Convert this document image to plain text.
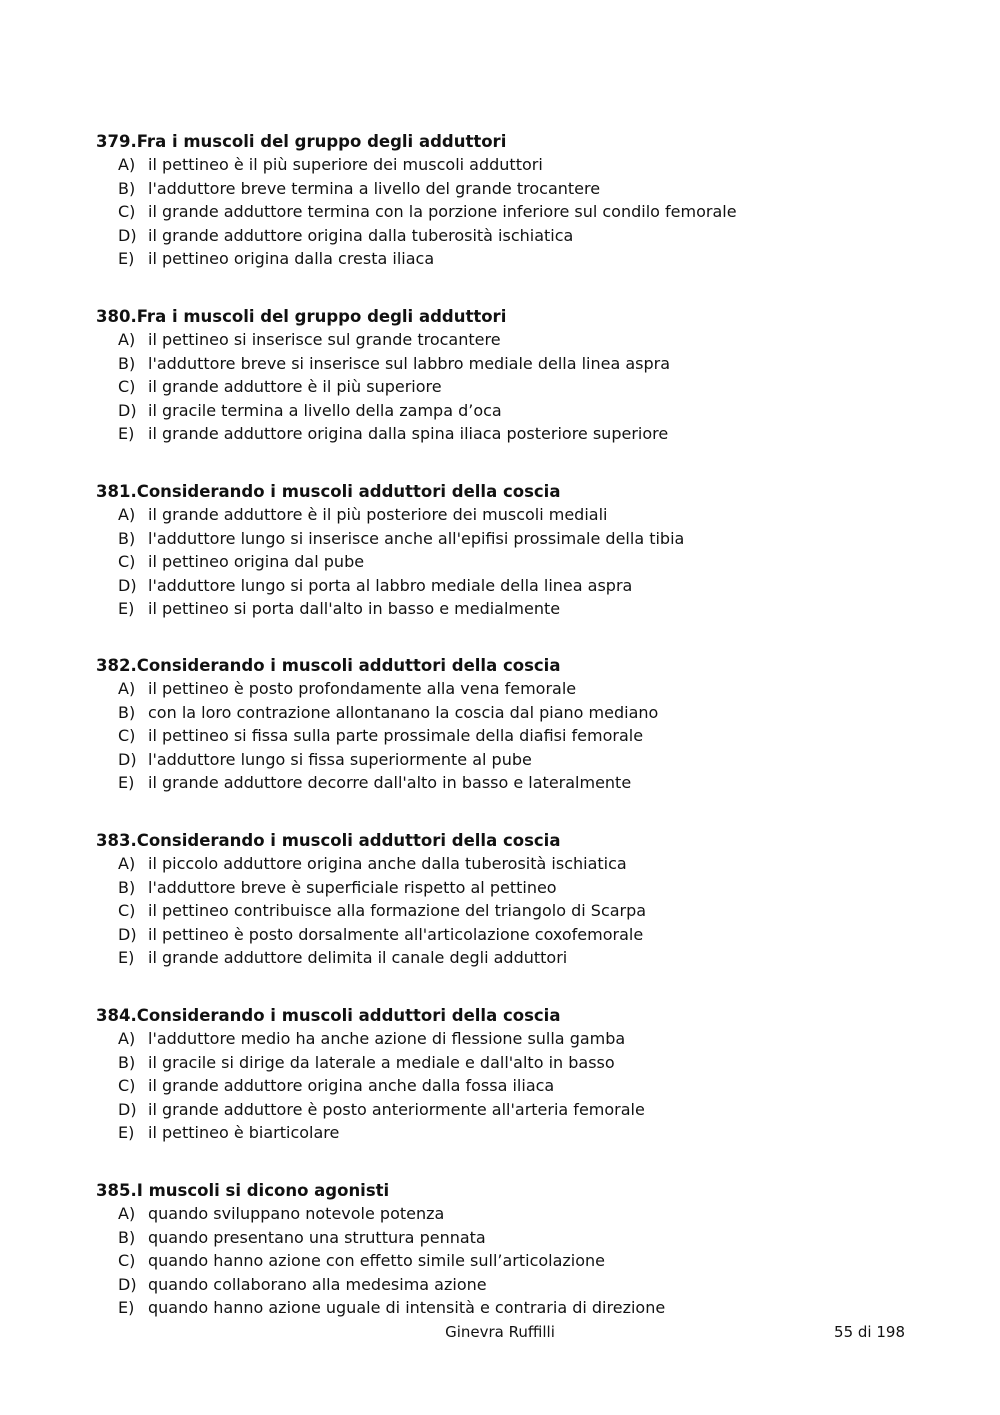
379.Fra i muscoli del gruppo degli adduttori
A) il pettineo è il più superiore dei muscoli adduttori
B) l'adduttore breve termina a livello del grande trocantere
C) il grande adduttore termina con la porzione inferiore sul condilo femorale
D) il grande adduttore origina dalla tuberosità ischiatica
E) il pettineo origina dalla cresta iliaca
380.Fra i muscoli del gruppo degli adduttori
A) il pettineo si inserisce sul grande trocantere
B) l'adduttore breve si inserisce sul labbro mediale della linea aspra
C) il grande adduttore è il più superiore
D) il gracile termina a livello della zampa d’oca
E) il grande adduttore origina dalla spina iliaca posteriore superiore
381.Considerando i muscoli adduttori della coscia
A) il grande adduttore è il più posteriore dei muscoli mediali
B) l'adduttore lungo si inserisce anche all'epifisi prossimale della tibia
C) il pettineo origina dal pube
D) l'adduttore lungo si porta al labbro mediale della linea aspra
E) il pettineo si porta dall'alto in basso e medialmente
382.Considerando i muscoli adduttori della coscia
A) il pettineo è posto profondamente alla vena femorale
B) con la loro contrazione allontanano la coscia dal piano mediano
C) il pettineo si fissa sulla parte prossimale della diafisi femorale
D) l'adduttore lungo si fissa superiormente al pube
E) il grande adduttore decorre dall'alto in basso e lateralmente
383.Considerando i muscoli adduttori della coscia
A) il piccolo adduttore origina anche dalla tuberosità ischiatica
B) l'adduttore breve è superficiale rispetto al pettineo
C) il pettineo contribuisce alla formazione del triangolo di Scarpa
D) il pettineo è posto dorsalmente all'articolazione coxofemorale
E) il grande adduttore delimita il canale degli adduttori
384.Considerando i muscoli adduttori della coscia
A) l'adduttore medio ha anche azione di flessione sulla gamba
B) il gracile si dirige da laterale a mediale e dall'alto in basso
C) il grande adduttore origina anche dalla fossa iliaca
D) il grande adduttore è posto anteriormente all'arteria femorale
E) il pettineo è biarticolare
385.I muscoli si dicono agonisti
A) quando sviluppano notevole potenza
B) quando presentano una struttura pennata
C) quando hanno azione con effetto simile sull’articolazione
D) quando collaborano alla medesima azione
E) quando hanno azione uguale di intensità e contraria di direzione
Ginevra Ruffilli	55 di 198
